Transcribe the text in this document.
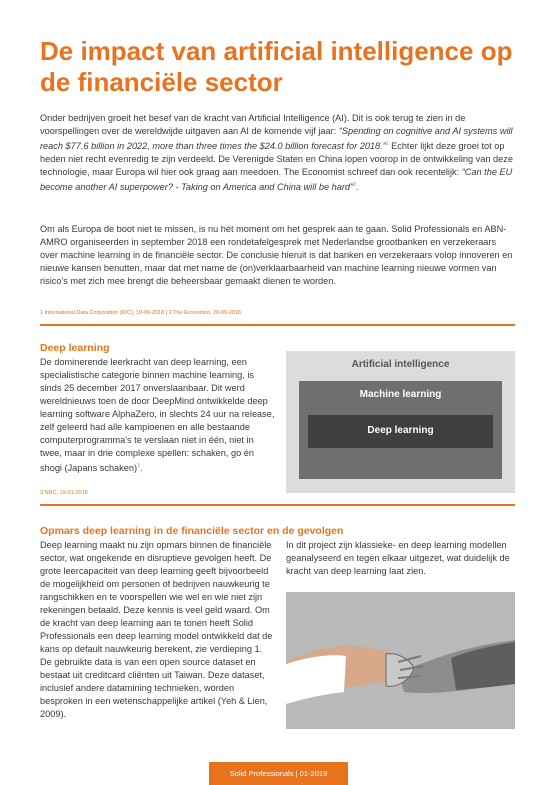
De impact van artificial intelligence op de financiële sector

Onder bedrijven groeit het besef van de kracht van Artificial Intelligence (AI). Dit is ook terug te zien in de voorspellingen over de wereldwijde uitgaven aan AI de komende vijf jaar: “Spending on cognitive and AI systems will reach $77.6 billion in 2022, more than three times the $24.0 billion forecast for 2018.”$^1$ Echter lijkt deze groei tot op heden niet recht evenredig te zijn verdeeld. De Verenigde Staten en China lopen voorop in de ontwikkeling van deze technologie, maar Europa wil hier ook graag aan meedoen. The Economist schreef dan ook recentelijk: “Can the EU become another AI superpower? - Taking on America and China will be hard”$^2$.

Om als Europa de boot niet te missen, is nu hét moment om het gesprek aan te gaan. Solid Professionals en ABN-AMRO organiseerden in september 2018 een rondetafelgesprek met Nederlandse grootbanken en verzekeraars over machine learning in de financiële sector. De conclusie hieruit is dat banken en verzekeraars volop innoveren en nieuwe kansen benutten, maar dat met name de (on)verklaarbaarheid van machine learning nieuwe vormen van risico's met zich mee brengt die beheersbaar gemaakt dienen te worden.

1 International Data Corporation (IDC), 19-09-2018 | 2 The Economist, 20-09-2018
Deep learning

De dominerende leerkracht van deep learning, een specialistische categorie binnen machine learning, is sinds 25 december 2017 onverslaanbaar. Dit werd wereldnieuws toen de door DeepMind ontwikkelde deep learning software AlphaZero, in slechts 24 uur na release, zelf geleerd had alle kampioenen en alle bestaande computerprogramma's te verslaan niet in één, niet in twee, maar in drie complexe spellen: schaken, go én shogi (Japans schaken)$^3$.

Artificial intelligence
Machine learning
Deep learning
3 NRC, 19-01-2018
Opmars deep learning in de financiële sector en de gevolgen

Deep learning maakt nu zijn opmars binnen de financiële sector, wat ongekende en disruptieve gevolgen heeft. De grote leercapaciteit van deep learning geeft bijvoorbeeld de mogelijkheid om personen of bedrijven nauwkeurig te rangschikken en te voorspellen wie wel en wie niet zijn rekeningen betaald. Deze kennis is veel geld waard. Om de kracht van deep learning aan te tonen heeft Solid Professionals een deep learning model ontwikkeld dat de kans op default nauwkeurig berekent, zie verdieping 1. De gebruikte data is van een open source dataset en bestaat uit creditcard cliënten uit Taiwan. Deze dataset, inclusief andere datamining technieken, worden besproken in een wetenschappelijke artikel (Yeh & Lien, 2009).

In dit project zijn klassieke- en deep learning modellen geanalyseerd en tegen elkaar uitgezet, wat duidelijk de kracht van deep learning laat zien.

Solid Professionals | 01-2019
